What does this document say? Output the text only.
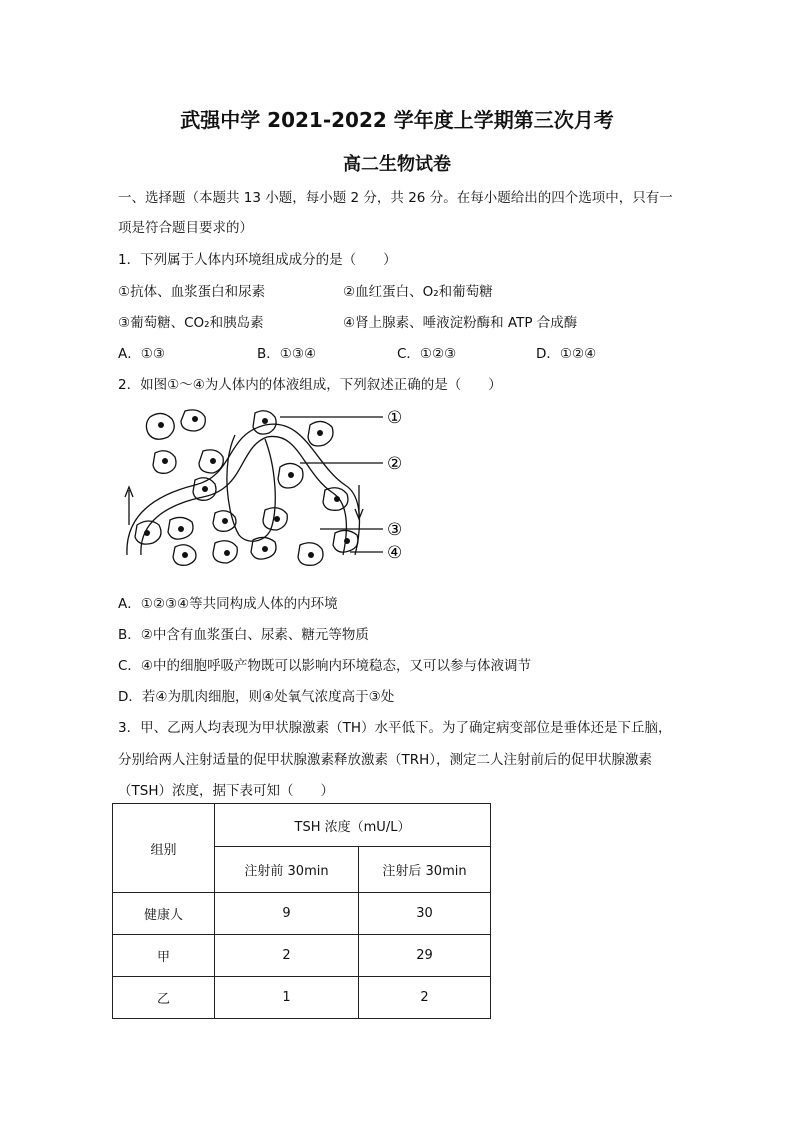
武强中学 2021-2022 学年度上学期第三次月考
高二生物试卷
一、选择题（本题共 13 小题，每小题 2 分，共 26 分。在每小题给出的四个选项中，只有一
项是符合题目要求的）
1．下列属于人体内环境组成成分的是（　　）
①抗体、血浆蛋白和尿素	②血红蛋白、O₂和葡萄糖
③葡萄糖、CO₂和胰岛素	④肾上腺素、唾液淀粉酶和 ATP 合成酶
A．①③	B．①③④	C．①②③	D．①②④
2．如图①～④为人体内的体液组成，下列叙述正确的是（　　）
①
②
③
④
A．①②③④等共同构成人体的内环境
B．②中含有血浆蛋白、尿素、糖元等物质
C．④中的细胞呼吸产物既可以影响内环境稳态，又可以参与体液调节
D．若④为肌肉细胞，则④处氧气浓度高于③处
3．甲、乙两人均表现为甲状腺激素（TH）水平低下。为了确定病变部位是垂体还是下丘脑，
分别给两人注射适量的促甲状腺激素释放激素（TRH），测定二人注射前后的促甲状腺激素
（TSH）浓度，据下表可知（　　）
组别	TSH 浓度（mU/L）	
	注射前 30min	注射后 30min
健康人	9	30
甲	2	29
乙	1	2
